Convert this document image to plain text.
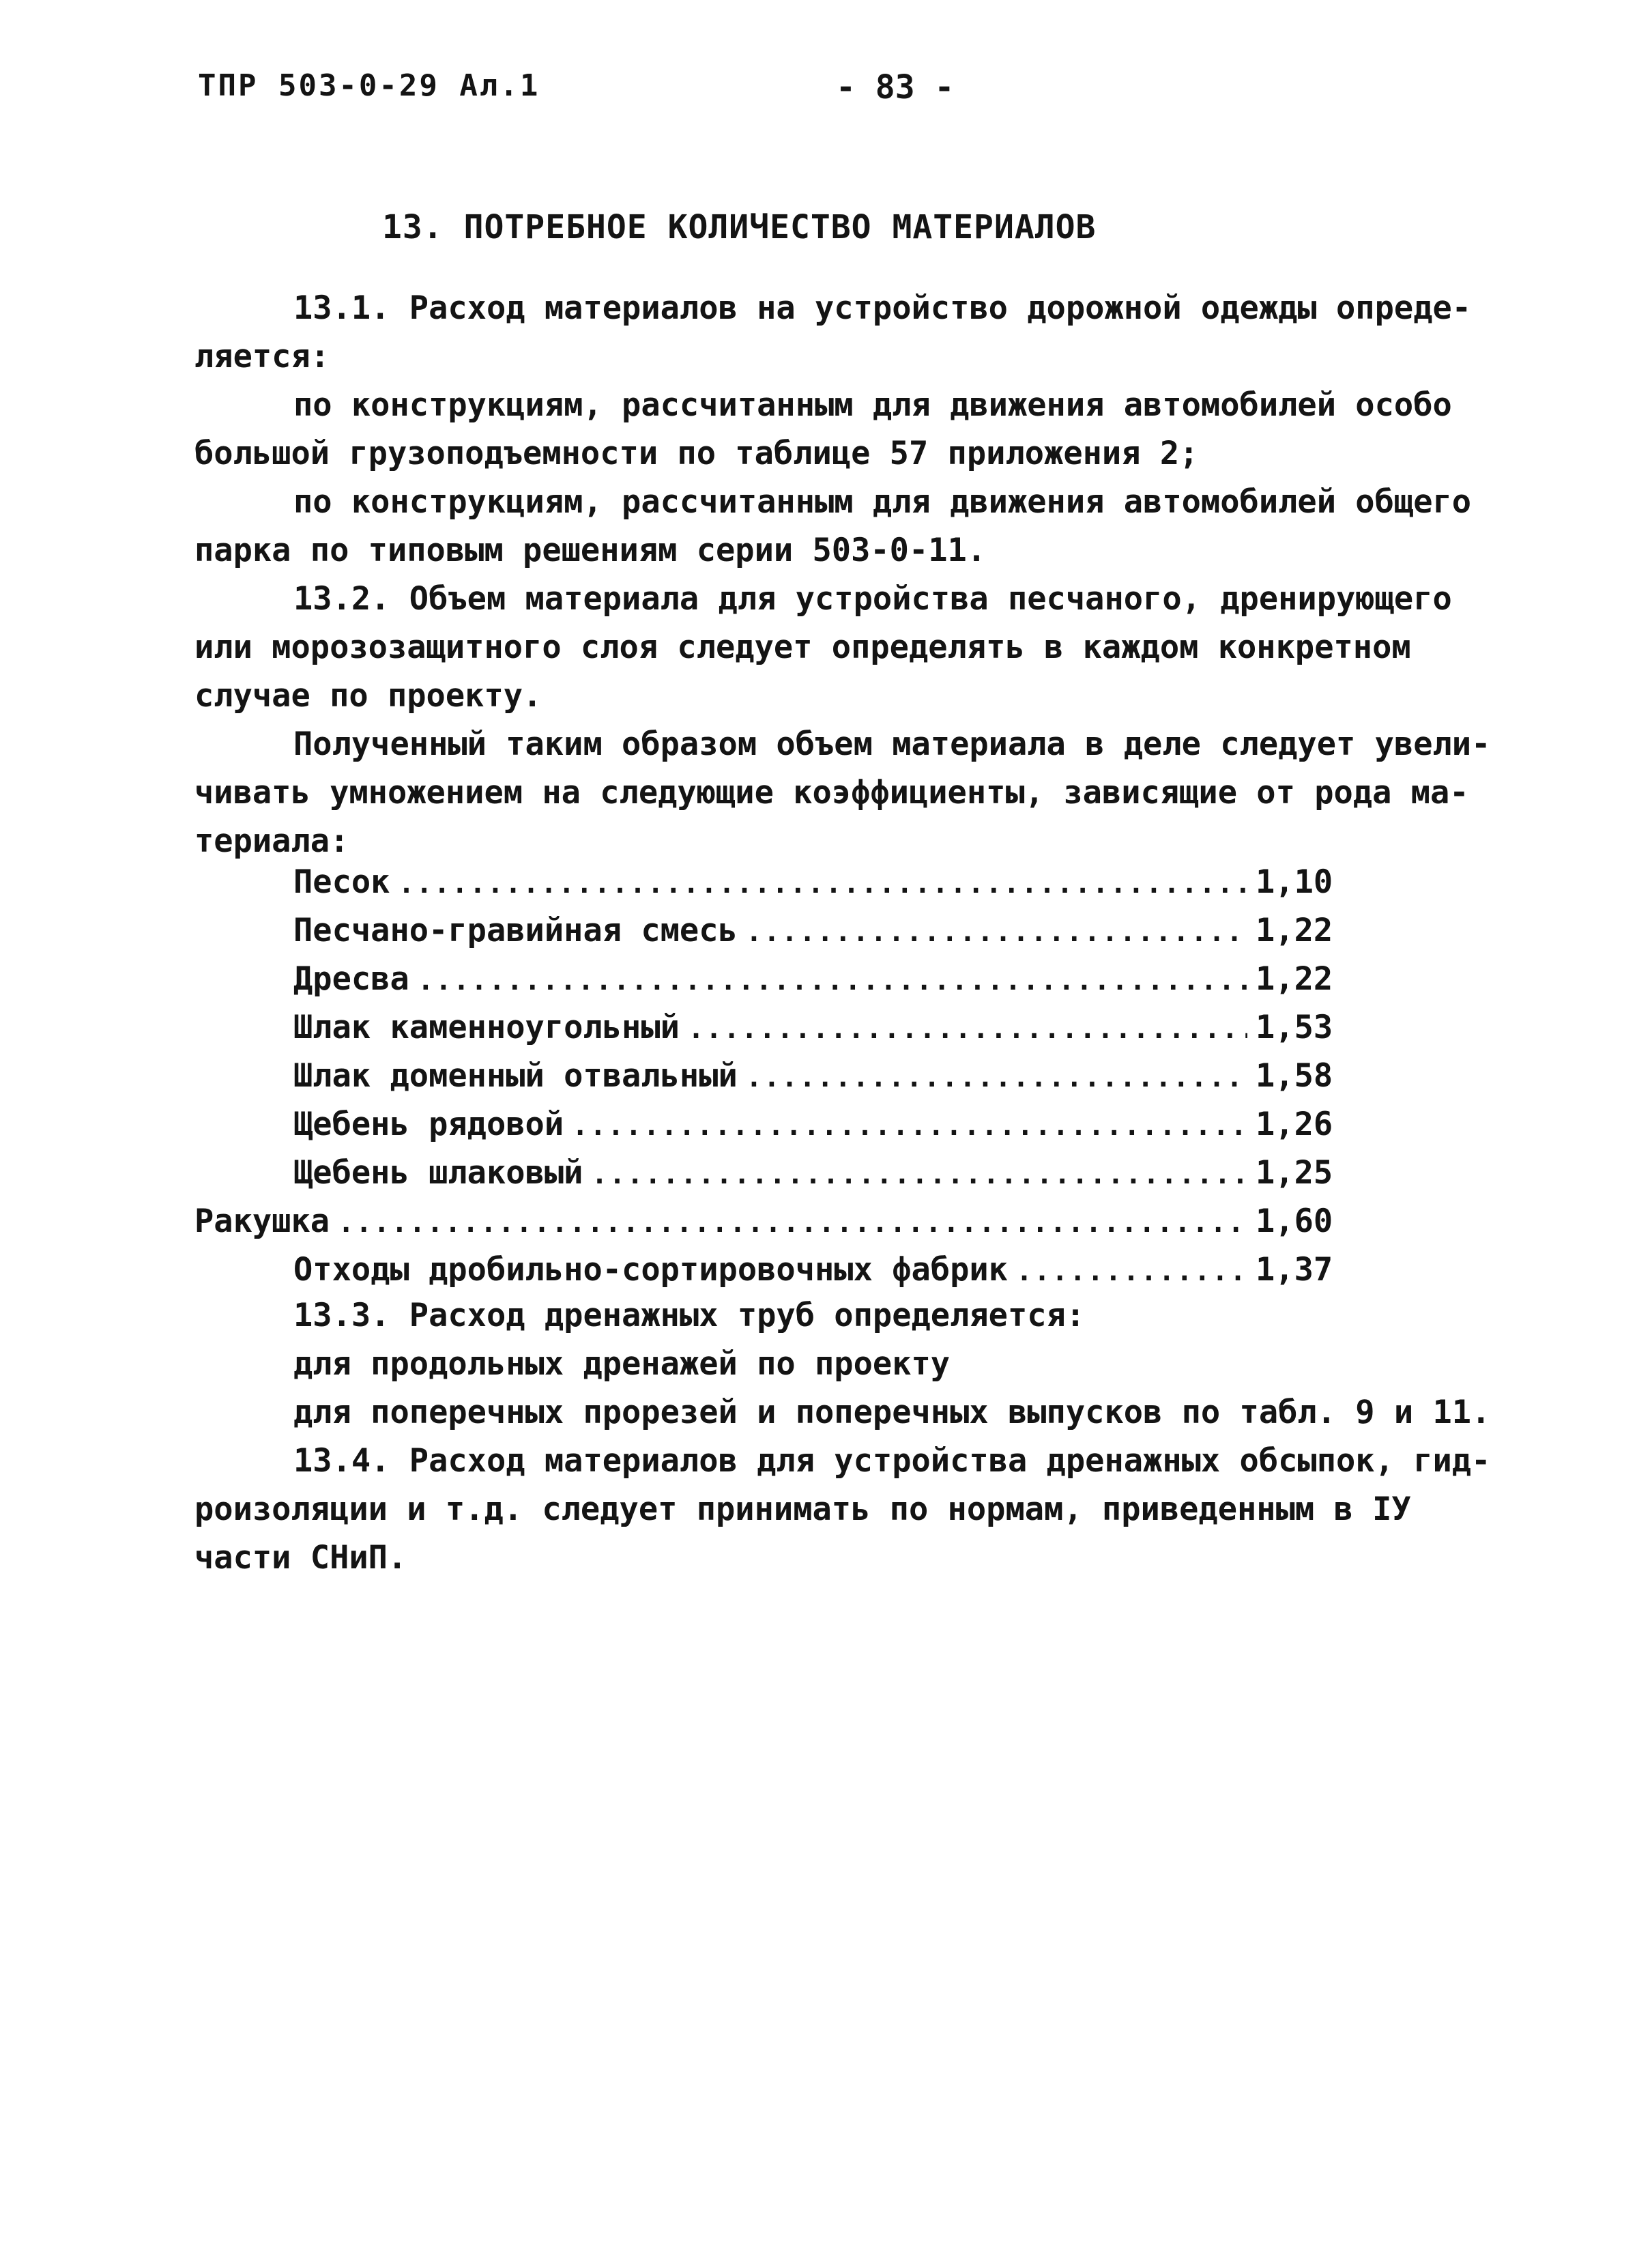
ТПР 503-0-29 Ал.1	- 83 -
13. ПОТРЕБНОЕ КОЛИЧЕСТВО МАТЕРИАЛОВ
13.1. Расход материалов на устройство дорожной одежды опреде-
ляется:
по конструкциям, рассчитанным для движения автомобилей особо
большой грузоподъемности по таблице 57 приложения 2;
по конструкциям, рассчитанным для движения автомобилей общего
парка по типовым решениям серии 503-0-11.
13.2. Объем материала для устройства песчаного, дренирующего
или морозозащитного слоя следует определять в каждом конкретном
случае по проекту.
Полученный таким образом объем материала в деле следует увели-
чивать умножением на следующие коэффициенты, зависящие от рода ма-
териала:
Песок .....	1,10
Песчано-гравийная смесь .....	1,22
Дресва .....	1,22
Шлак каменноугольный .....	1,53
Шлак доменный отвальный .....	1,58
Щебень рядовой .....	1,26
Щебень шлаковый .....	1,25
Ракушка .....	1,60
Отходы дробильно-сортировочных фабрик .....	1,37
13.3. Расход дренажных труб определяется:
для продольных дренажей по проекту
для поперечных прорезей и поперечных выпусков по табл. 9 и 11.
13.4. Расход материалов для устройства дренажных обсыпок, гид-
роизоляции и т.д. следует принимать по нормам, приведенным в IУ
части СНиП.
